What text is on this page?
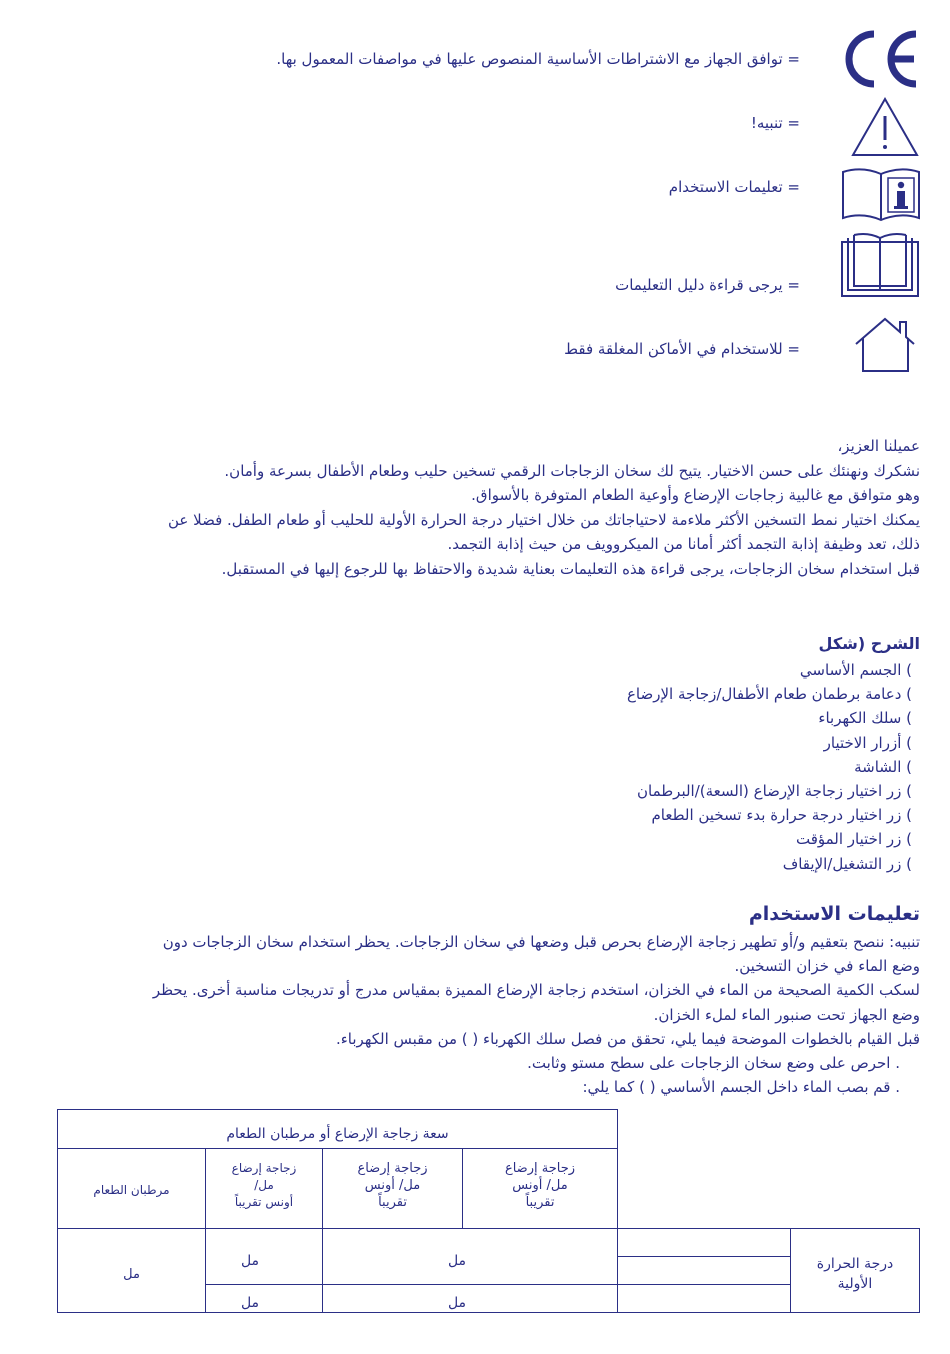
= توافق الجهاز مع الاشتراطات الأساسية المنصوص عليها في مواصفات المعمول بها.
= تنبيه!
= تعليمات الاستخدام
= يرجى قراءة دليل التعليمات
= للاستخدام في الأماكن المغلقة فقط
عميلنا العزيز،
نشكرك ونهنئك على حسن الاختيار. يتيح لك سخان الزجاجات الرقمي تسخين حليب وطعام الأطفال بسرعة وأمان.
وهو متوافق مع غالبية زجاجات الإرضاع وأوعية الطعام المتوفرة بالأسواق.
يمكنك اختيار نمط التسخين الأكثر ملاءمة لاحتياجاتك من خلال اختيار درجة الحرارة الأولية للحليب أو طعام الطفل. فضلا عن
ذلك، تعد وظيفة إذابة التجمد أكثر أمانا من الميكروويف من حيث إذابة التجمد.
قبل استخدام سخان الزجاجات، يرجى قراءة هذه التعليمات بعناية شديدة والاحتفاظ بها للرجوع إليها في المستقبل.
الشرح (شكل
) الجسم الأساسي
) دعامة برطمان طعام الأطفال/زجاجة الإرضاع
) سلك الكهرباء
) أزرار الاختيار
) الشاشة
) زر اختيار زجاجة الإرضاع (السعة)/البرطمان
) زر اختيار درجة حرارة بدء تسخين الطعام
) زر اختيار المؤقت
) زر التشغيل/الإيقاف
تعليمات الاستخدام
تنبيه: ننصح بتعقيم و/أو تطهير زجاجة الإرضاع بحرص قبل وضعها في سخان الزجاجات. يحظر استخدام سخان الزجاجات دون
وضع الماء في خزان التسخين.
لسكب الكمية الصحيحة من الماء في الخزان، استخدم زجاجة الإرضاع المميزة بمقياس مدرج أو تدريجات مناسبة أخرى. يحظر
وضع الجهاز تحت صنبور الماء لملء الخزان.
قبل القيام بالخطوات الموضحة فيما يلي، تحقق من فصل سلك الكهرباء ( ) من مقبس الكهرباء.
. احرص على وضع سخان الزجاجات على سطح مستو وثابت.
. قم بصب الماء داخل الجسم الأساسي ( ) كما يلي:
سعة زجاجة الإرضاع أو مرطبان الطعام
مرطبان الطعام
زجاجة إرضاع
مل/
أونس تقريباً
زجاجة إرضاع
مل/ أونس
تقريباً
زجاجة إرضاع
مل/ أونس
تقريباً
مل
مل	مل
مل	مل
درجة الحرارة
الأولية
